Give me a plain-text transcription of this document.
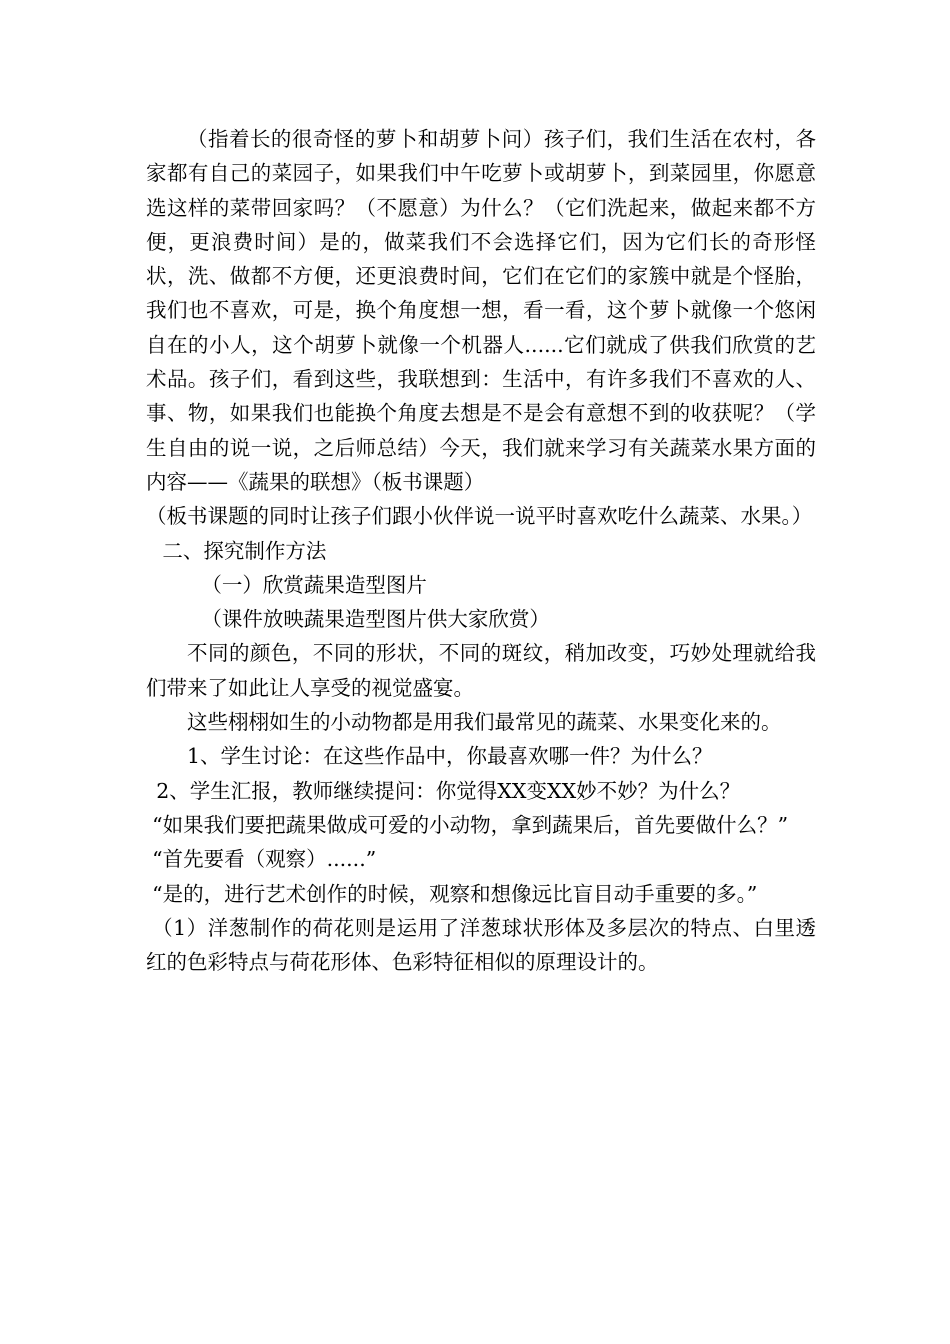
（指着长的很奇怪的萝卜和胡萝卜问）孩子们，我们生活在农村，各家都有自己的菜园子，如果我们中午吃萝卜或胡萝卜，到菜园里，你愿意选这样的菜带回家吗？（不愿意）为什么？（它们洗起来，做起来都不方便，更浪费时间）是的，做菜我们不会选择它们，因为它们长的奇形怪状，洗、做都不方便，还更浪费时间，它们在它们的家簇中就是个怪胎，我们也不喜欢，可是，换个角度想一想，看一看，这个萝卜就像一个悠闲自在的小人，这个胡萝卜就像一个机器人......它们就成了供我们欣赏的艺术品。孩子们，看到这些，我联想到：生活中，有许多我们不喜欢的人、事、物，如果我们也能换个角度去想是不是会有意想不到的收获呢？（学生自由的说一说，之后师总结）今天，我们就来学习有关蔬菜水果方面的内容——《蔬果的联想》（板书课题）

（板书课题的同时让孩子们跟小伙伴说一说平时喜欢吃什么蔬菜、水果。）

二、探究制作方法

（一）欣赏蔬果造型图片

（课件放映蔬果造型图片供大家欣赏）

不同的颜色，不同的形状，不同的斑纹，稍加改变，巧妙处理就给我们带来了如此让人享受的视觉盛宴。

这些栩栩如生的小动物都是用我们最常见的蔬菜、水果变化来的。

1、学生讨论：在这些作品中，你最喜欢哪一件？为什么？

2、学生汇报，教师继续提问：你觉得XX变XX妙不妙？为什么？

“如果我们要把蔬果做成可爱的小动物，拿到蔬果后，首先要做什么？”

“首先要看（观察）......”

“是的，进行艺术创作的时候，观察和想像远比盲目动手重要的多。”

（1）洋葱制作的荷花则是运用了洋葱球状形体及多层次的特点、白里透红的色彩特点与荷花形体、色彩特征相似的原理设计的。
